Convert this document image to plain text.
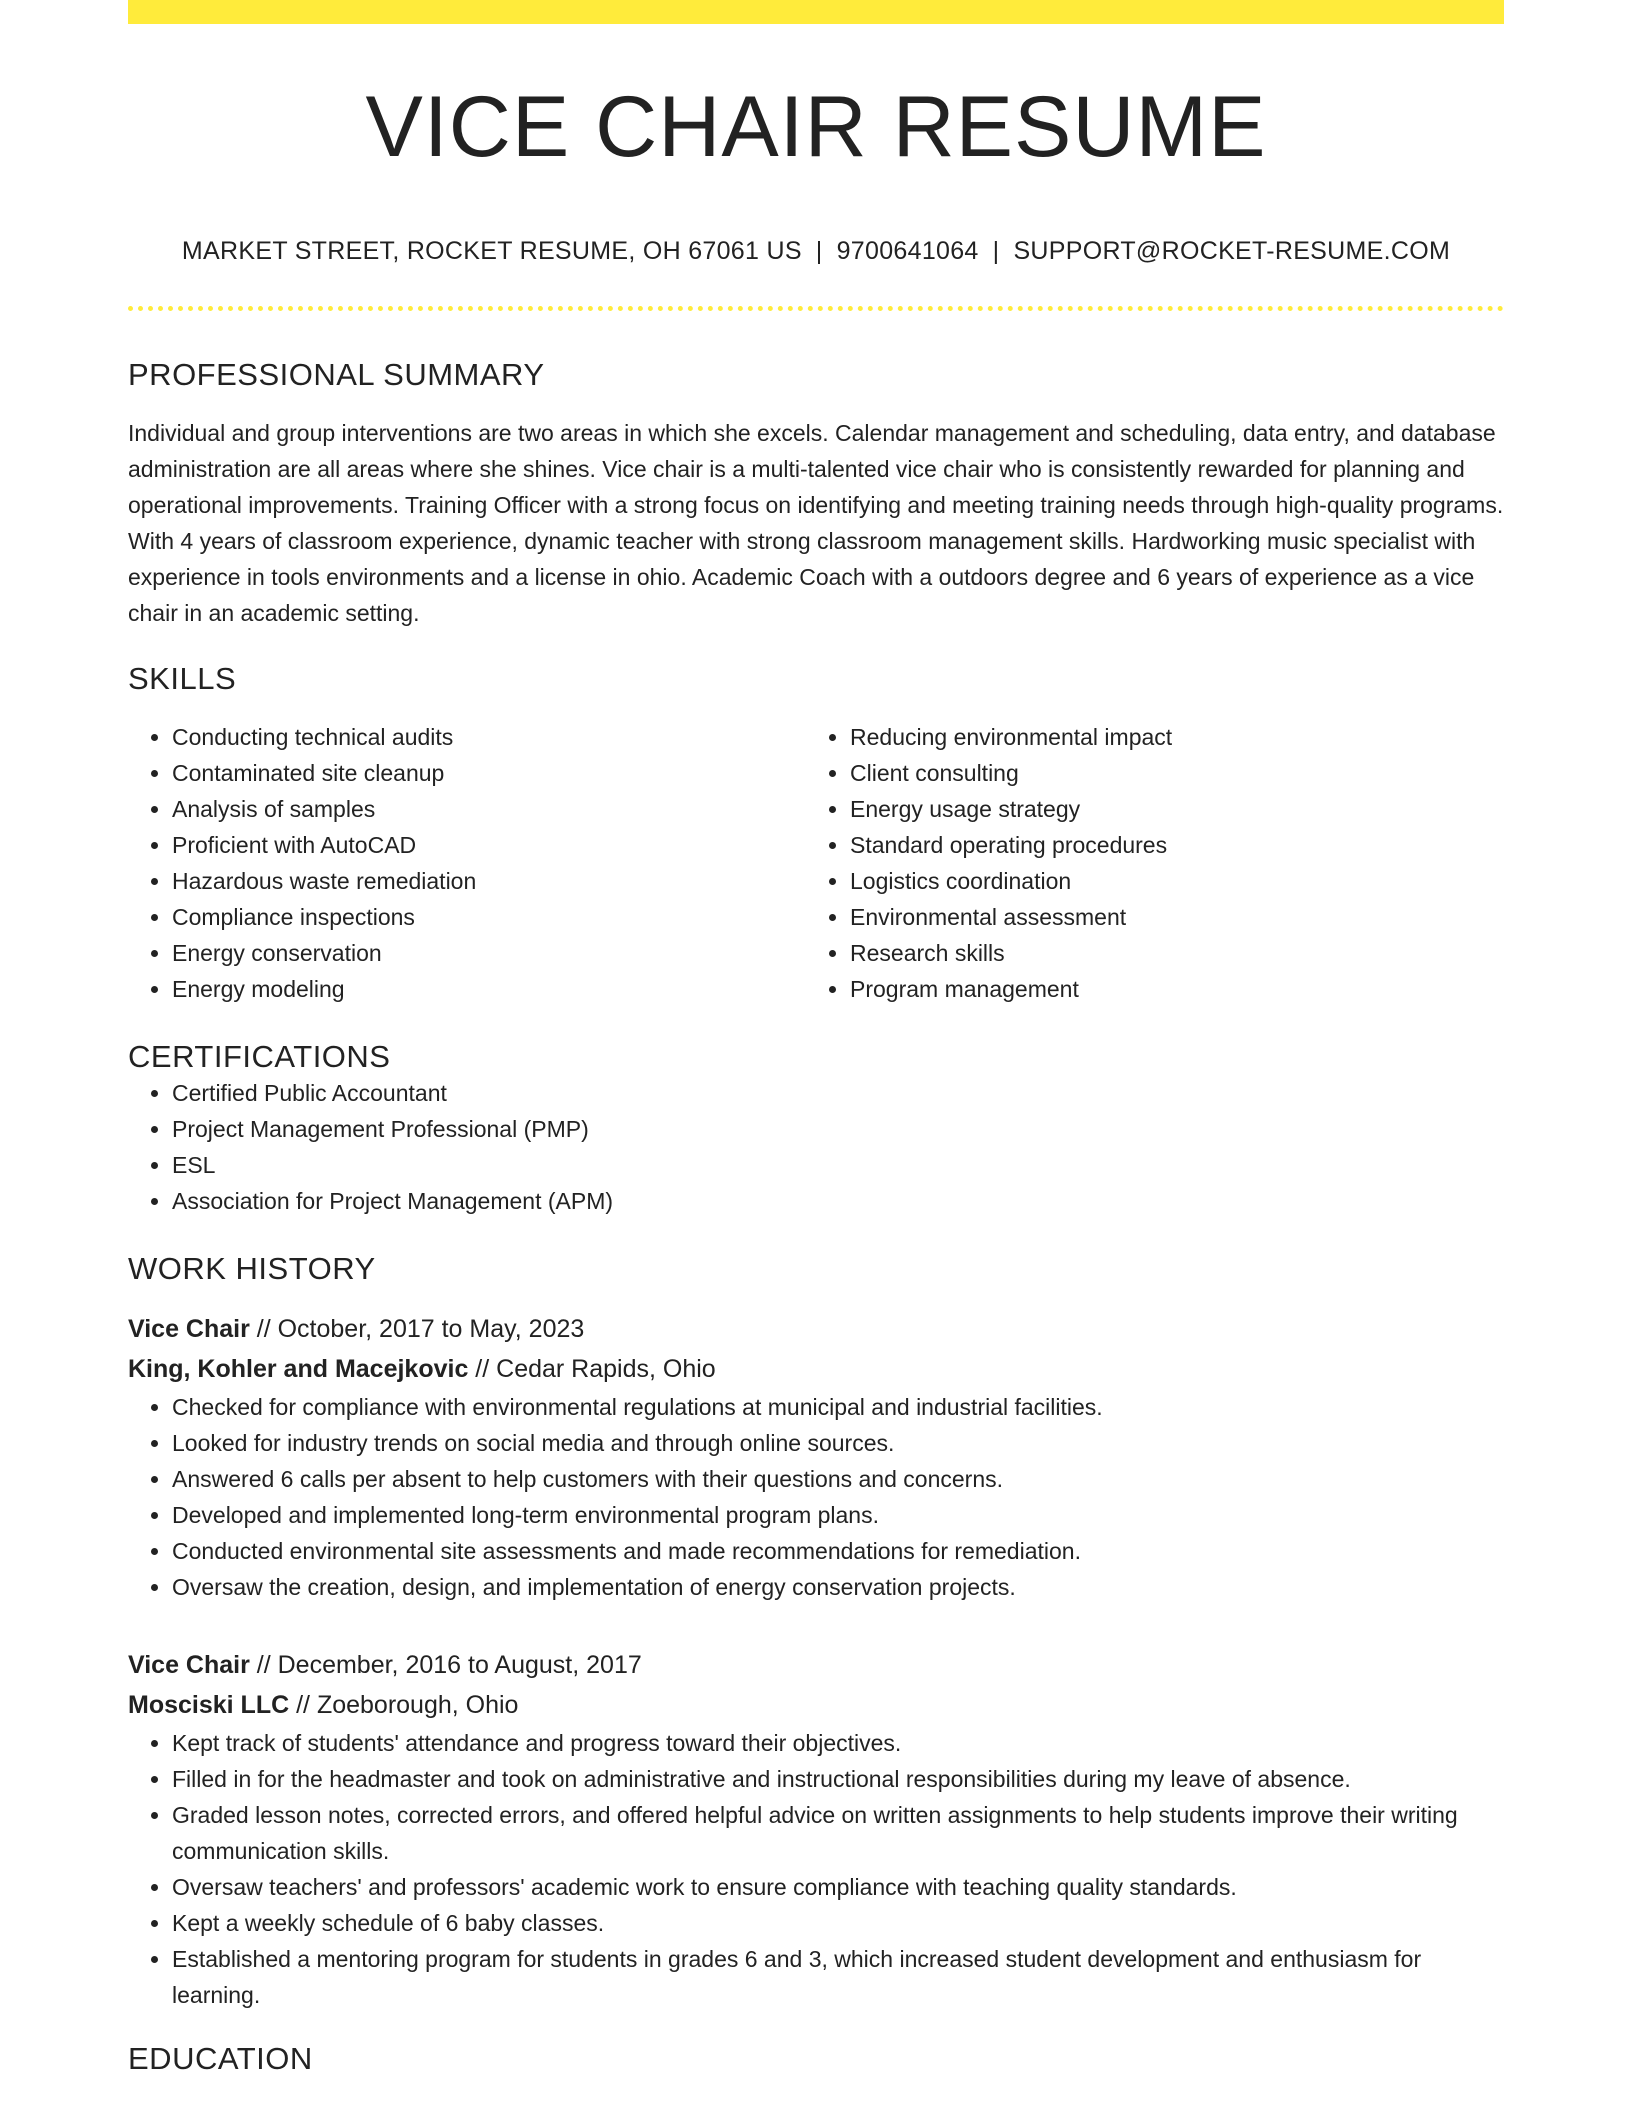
VICE CHAIR RESUME
MARKET STREET, ROCKET RESUME, OH 67061 US | 9700641064 | SUPPORT@ROCKET-RESUME.COM
PROFESSIONAL SUMMARY
Individual and group interventions are two areas in which she excels. Calendar management and scheduling, data entry, and database administration are all areas where she shines. Vice chair is a multi-talented vice chair who is consistently rewarded for planning and operational improvements. Training Officer with a strong focus on identifying and meeting training needs through high-quality programs. With 4 years of classroom experience, dynamic teacher with strong classroom management skills. Hardworking music specialist with experience in tools environments and a license in ohio. Academic Coach with a outdoors degree and 6 years of experience as a vice chair in an academic setting.
SKILLS
• Conducting technical audits
• Contaminated site cleanup
• Analysis of samples
• Proficient with AutoCAD
• Hazardous waste remediation
• Compliance inspections
• Energy conservation
• Energy modeling
• Reducing environmental impact
• Client consulting
• Energy usage strategy
• Standard operating procedures
• Logistics coordination
• Environmental assessment
• Research skills
• Program management
CERTIFICATIONS
• Certified Public Accountant
• Project Management Professional (PMP)
• ESL
• Association for Project Management (APM)
WORK HISTORY
Vice Chair // October, 2017 to May, 2023
King, Kohler and Macejkovic // Cedar Rapids, Ohio
• Checked for compliance with environmental regulations at municipal and industrial facilities.
• Looked for industry trends on social media and through online sources.
• Answered 6 calls per absent to help customers with their questions and concerns.
• Developed and implemented long-term environmental program plans.
• Conducted environmental site assessments and made recommendations for remediation.
• Oversaw the creation, design, and implementation of energy conservation projects.
Vice Chair // December, 2016 to August, 2017
Mosciski LLC // Zoeborough, Ohio
• Kept track of students' attendance and progress toward their objectives.
• Filled in for the headmaster and took on administrative and instructional responsibilities during my leave of absence.
• Graded lesson notes, corrected errors, and offered helpful advice on written assignments to help students improve their writing communication skills.
• Oversaw teachers' and professors' academic work to ensure compliance with teaching quality standards.
• Kept a weekly schedule of 6 baby classes.
• Established a mentoring program for students in grades 6 and 3, which increased student development and enthusiasm for learning.
EDUCATION
